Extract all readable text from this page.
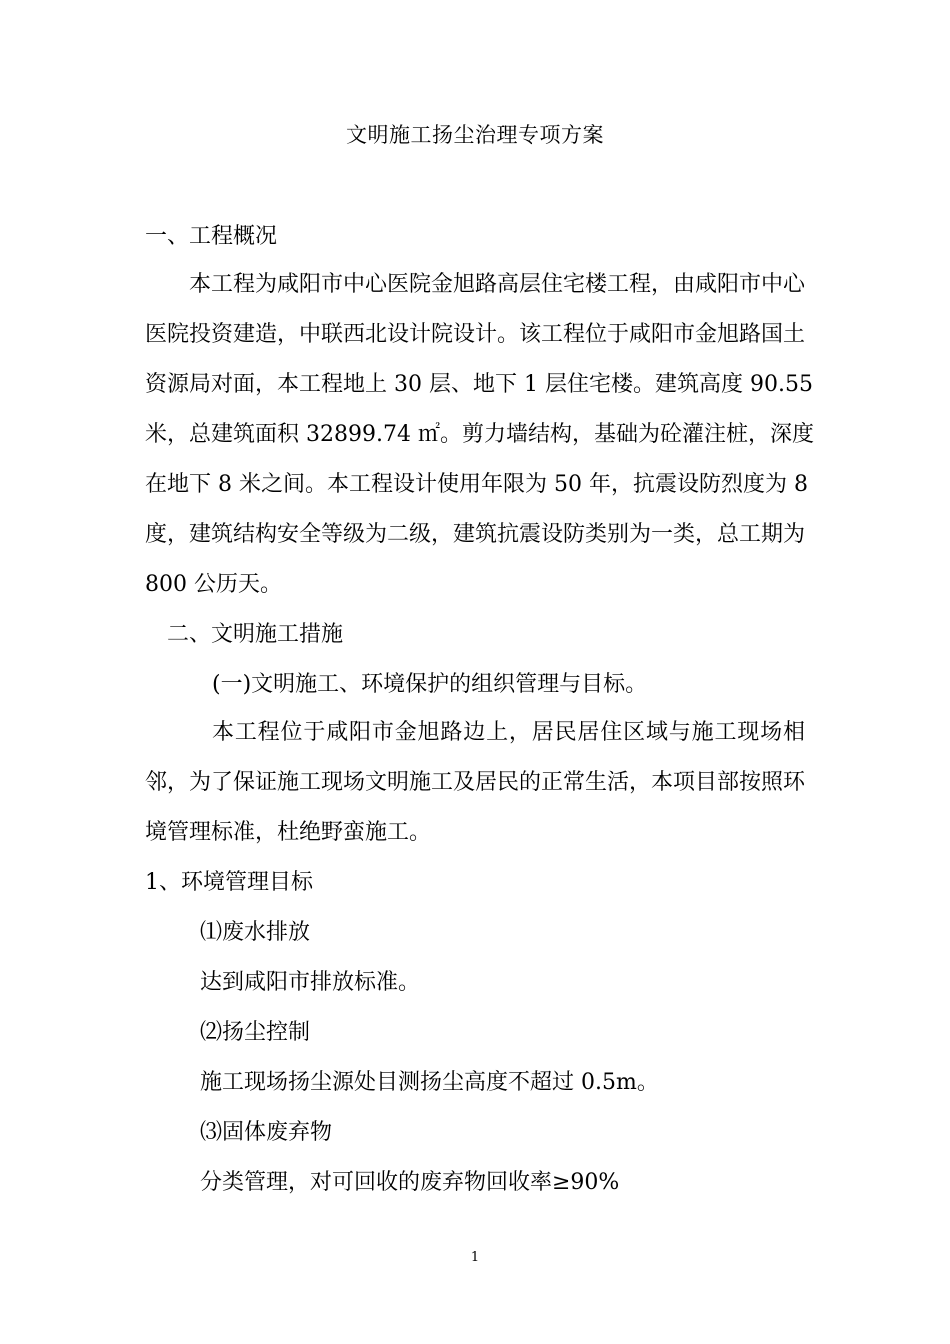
文明施工扬尘治理专项方案
一、工程概况
本工程为咸阳市中心医院金旭路高层住宅楼工程，由咸阳市中心
医院投资建造，中联西北设计院设计。该工程位于咸阳市金旭路国土
资源局对面，本工程地上 30 层、地下 1 层住宅楼。建筑高度 90.55
米，总建筑面积 32899.74 ㎡。剪力墙结构，基础为砼灌注桩，深度
在地下 8 米之间。本工程设计使用年限为 50 年，抗震设防烈度为 8
度，建筑结构安全等级为二级，建筑抗震设防类别为一类，总工期为
800 公历天。
二、文明施工措施
(一)文明施工、环境保护的组织管理与目标。
本工程位于咸阳市金旭路边上，居民居住区域与施工现场相
邻，为了保证施工现场文明施工及居民的正常生活，本项目部按照环
境管理标准，杜绝野蛮施工。
1、环境管理目标
⑴废水排放
达到咸阳市排放标准。
⑵扬尘控制
施工现场扬尘源处目测扬尘高度不超过 0.5m。
⑶固体废弃物
分类管理，对可回收的废弃物回收率≥90%
1
